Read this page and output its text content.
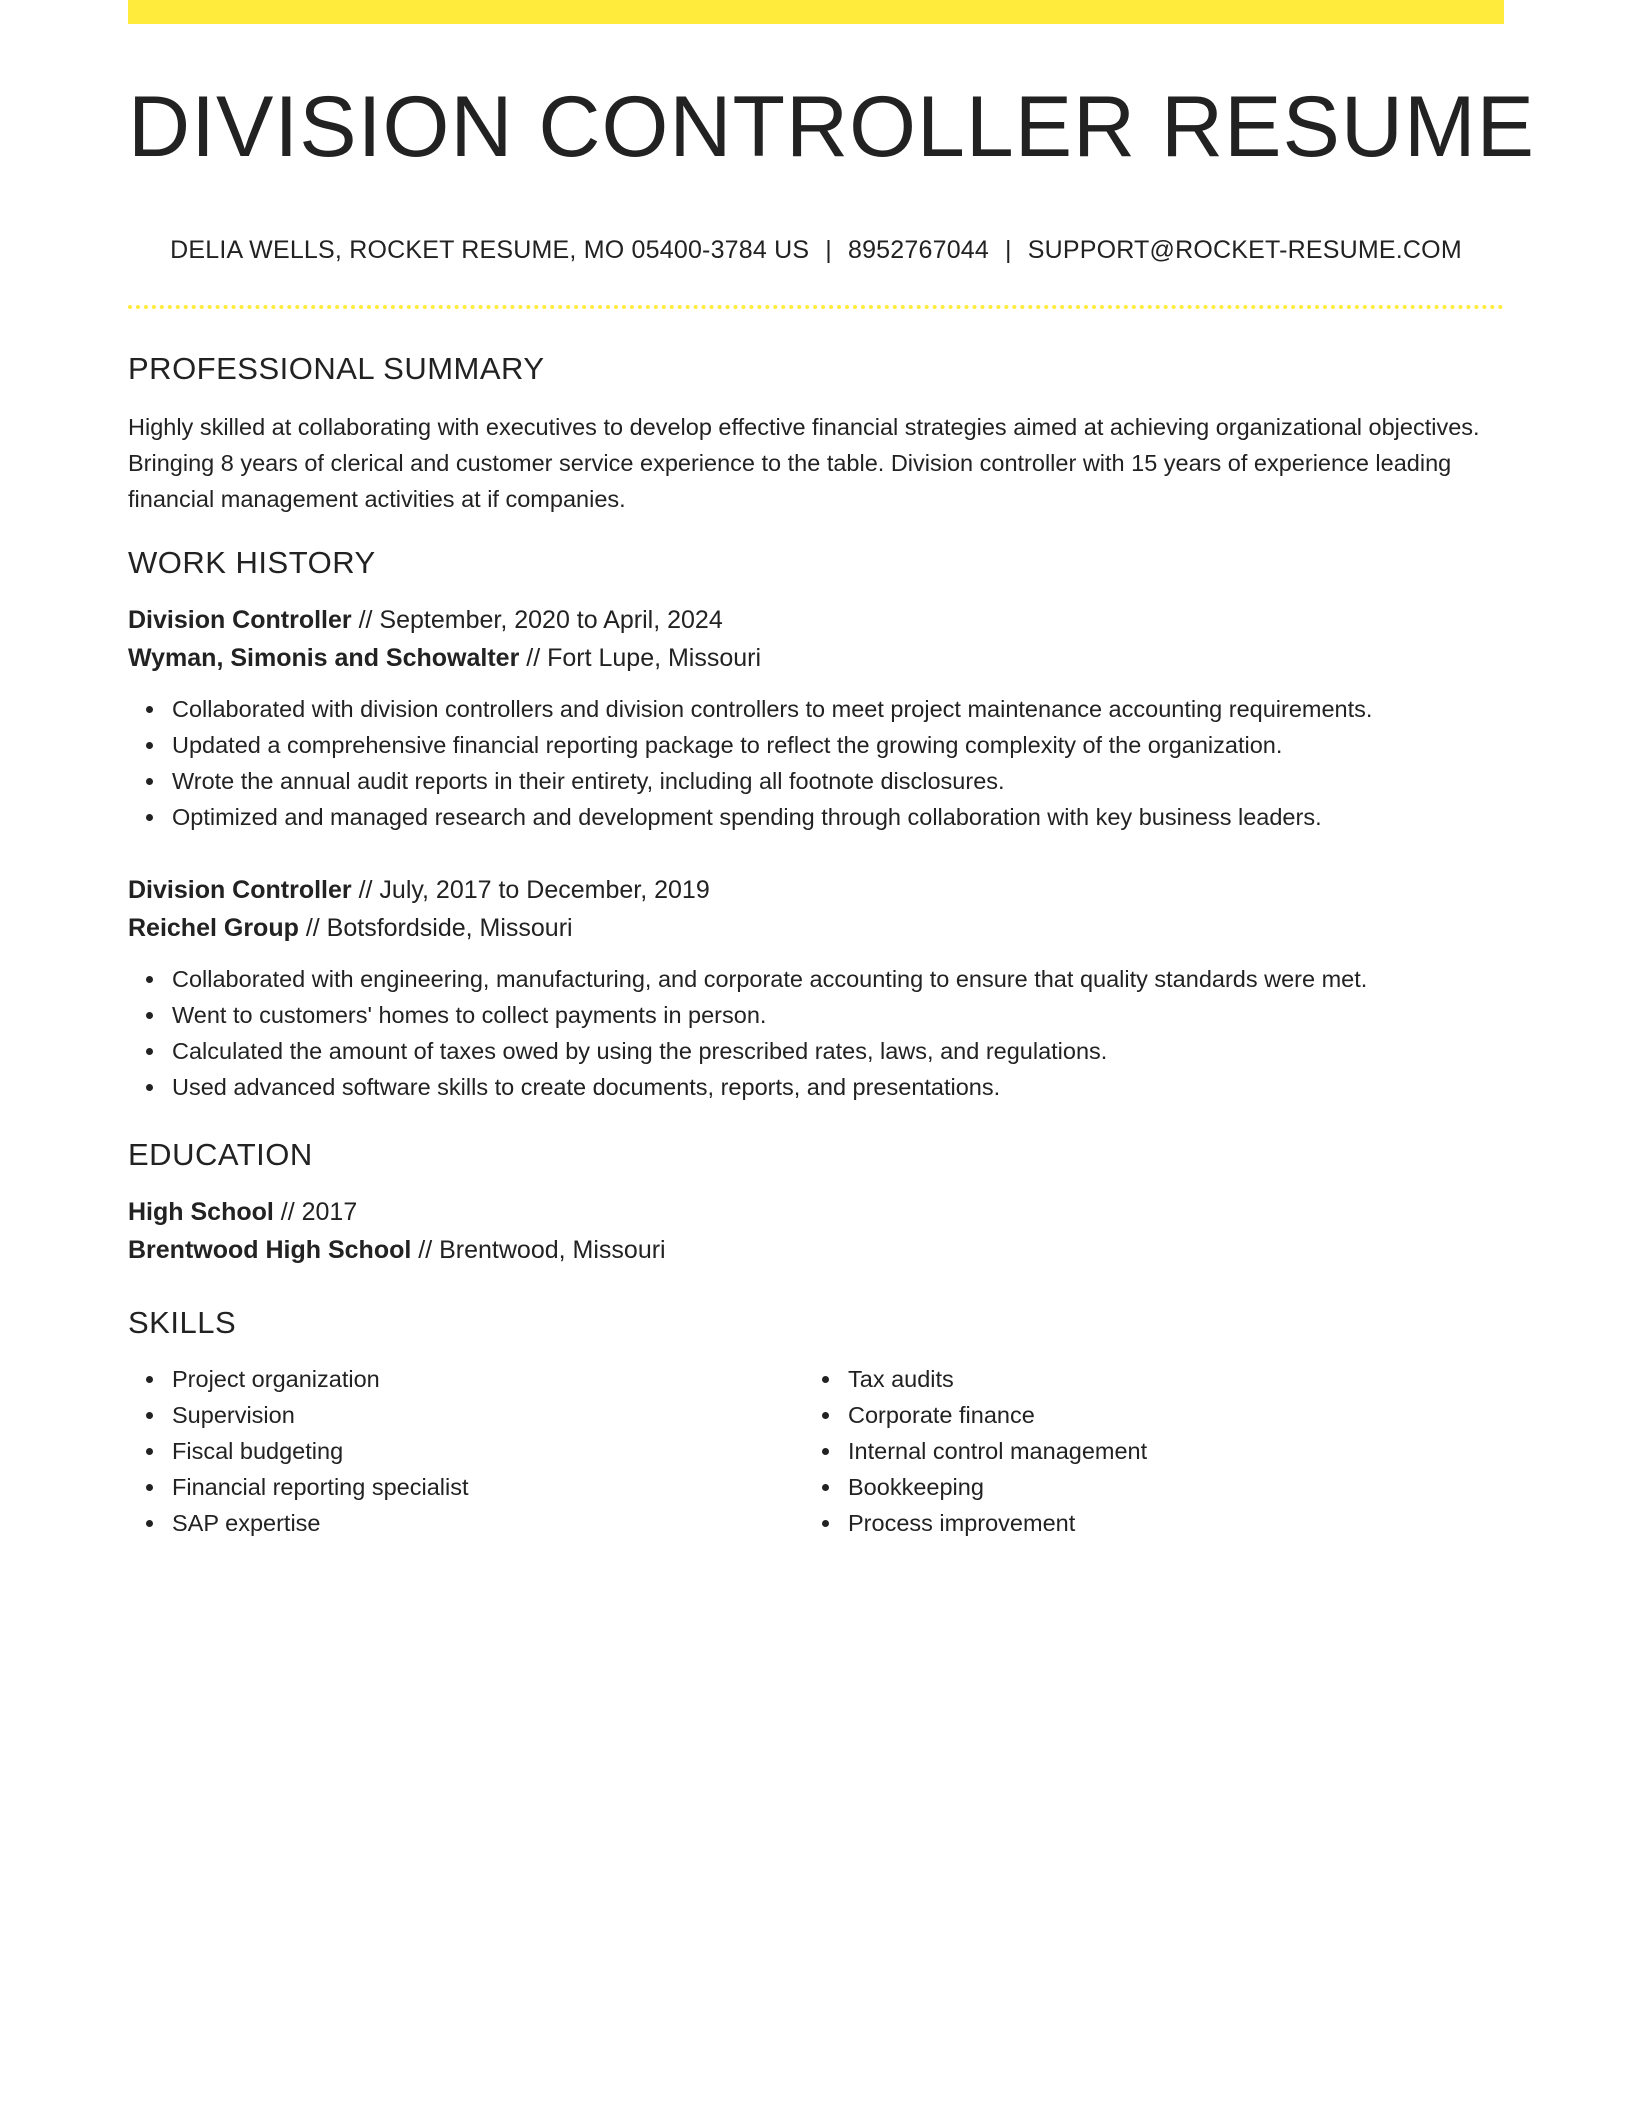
DIVISION CONTROLLER RESUME
DELIA WELLS, ROCKET RESUME, MO 05400-3784 US | 8952767044 | SUPPORT@ROCKET-RESUME.COM
PROFESSIONAL SUMMARY
Highly skilled at collaborating with executives to develop effective financial strategies aimed at achieving organizational objectives. Bringing 8 years of clerical and customer service experience to the table. Division controller with 15 years of experience leading financial management activities at if companies.
WORK HISTORY
Division Controller // September, 2020 to April, 2024
Wyman, Simonis and Schowalter // Fort Lupe, Missouri
Collaborated with division controllers and division controllers to meet project maintenance accounting requirements.
Updated a comprehensive financial reporting package to reflect the growing complexity of the organization.
Wrote the annual audit reports in their entirety, including all footnote disclosures.
Optimized and managed research and development spending through collaboration with key business leaders.
Division Controller // July, 2017 to December, 2019
Reichel Group // Botsfordside, Missouri
Collaborated with engineering, manufacturing, and corporate accounting to ensure that quality standards were met.
Went to customers' homes to collect payments in person.
Calculated the amount of taxes owed by using the prescribed rates, laws, and regulations.
Used advanced software skills to create documents, reports, and presentations.
EDUCATION
High School // 2017
Brentwood High School // Brentwood, Missouri
SKILLS
Project organization
Supervision
Fiscal budgeting
Financial reporting specialist
SAP expertise
Tax audits
Corporate finance
Internal control management
Bookkeeping
Process improvement
